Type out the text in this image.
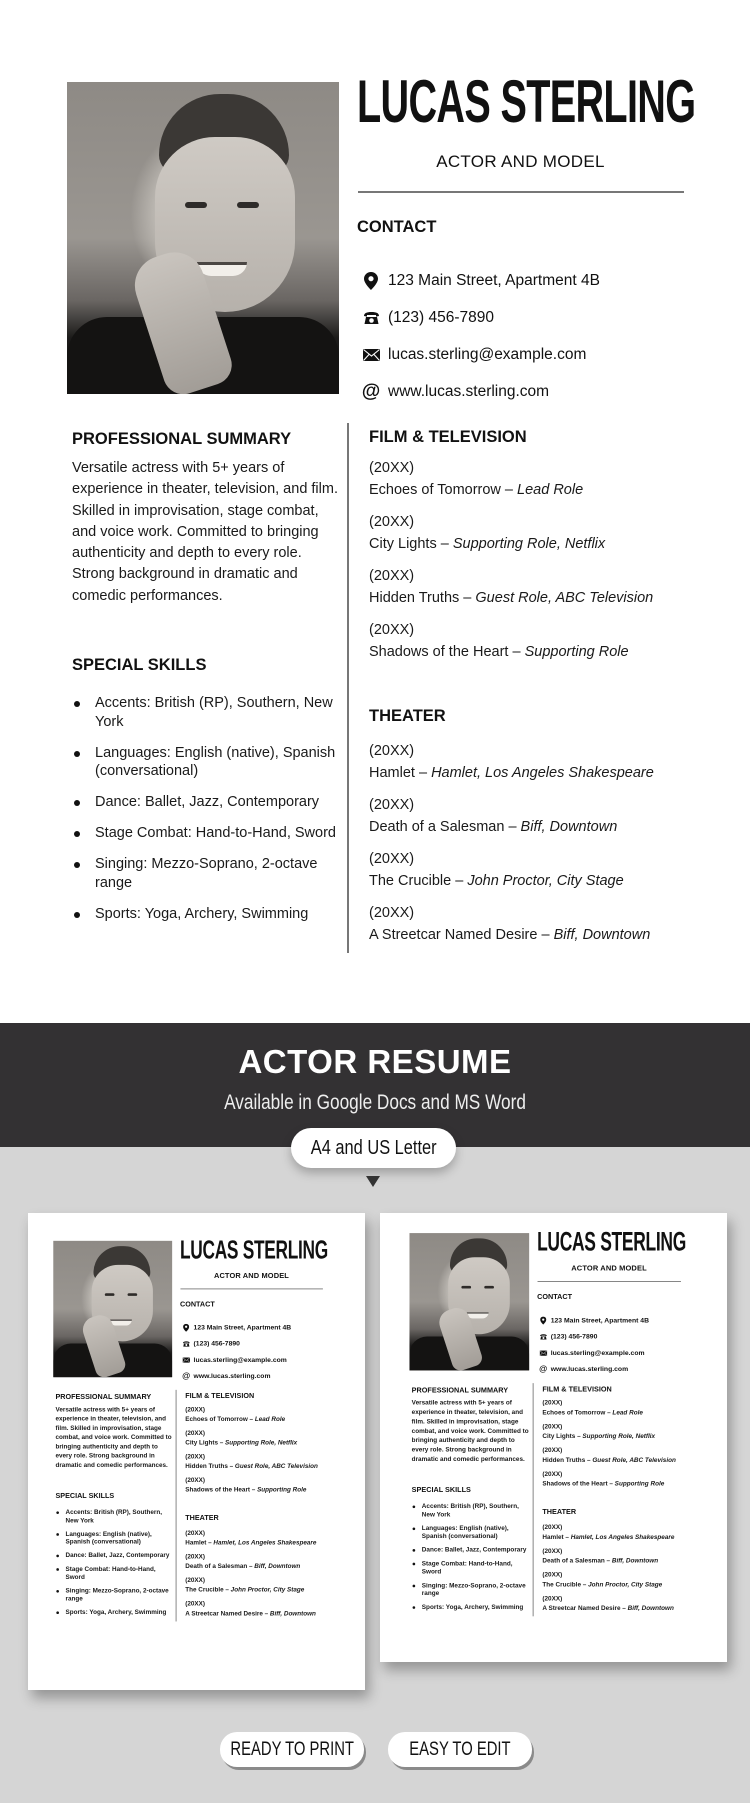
LUCAS STERLING
ACTOR AND MODEL
CONTACT
123 Main Street, Apartment 4B
(123) 456-7890
lucas.sterling@example.com
@ www.lucas.sterling.com
PROFESSIONAL SUMMARY
Versatile actress with 5+ years of experience in theater, television, and film. Skilled in improvisation, stage combat, and voice work. Committed to bringing authenticity and depth to every role. Strong background in dramatic and comedic performances.
SPECIAL SKILLS
Accents: British (RP), Southern, New York
Languages: English (native), Spanish (conversational)
Dance: Ballet, Jazz, Contemporary
Stage Combat: Hand-to-Hand, Sword
Singing: Mezzo-Soprano, 2-octave range
Sports: Yoga, Archery, Swimming
FILM & TELEVISION
(20XX)
Echoes of Tomorrow – Lead Role
(20XX)
City Lights – Supporting Role, Netflix
(20XX)
Hidden Truths – Guest Role, ABC Television
(20XX)
Shadows of the Heart – Supporting Role
THEATER
(20XX)
Hamlet – Hamlet, Los Angeles Shakespeare
(20XX)
Death of a Salesman – Biff, Downtown
(20XX)
The Crucible – John Proctor, City Stage
(20XX)
A Streetcar Named Desire – Biff, Downtown
ACTOR RESUME
Available in Google Docs and MS Word
A4 and US Letter
LUCAS STERLING
ACTOR AND MODEL
CONTACT
123 Main Street, Apartment 4B
(123) 456-7890
lucas.sterling@example.com
@ www.lucas.sterling.com
PROFESSIONAL SUMMARY
Versatile actress with 5+ years of experience in theater, television, and film. Skilled in improvisation, stage combat, and voice work. Committed to bringing authenticity and depth to every role. Strong background in dramatic and comedic performances.
SPECIAL SKILLS
Accents: British (RP), Southern, New York
Languages: English (native), Spanish (conversational)
Dance: Ballet, Jazz, Contemporary
Stage Combat: Hand-to-Hand, Sword
Singing: Mezzo-Soprano, 2-octave range
Sports: Yoga, Archery, Swimming
FILM & TELEVISION
(20XX)
Echoes of Tomorrow – Lead Role
(20XX)
City Lights – Supporting Role, Netflix
(20XX)
Hidden Truths – Guest Role, ABC Television
(20XX)
Shadows of the Heart – Supporting Role
THEATER
(20XX)
Hamlet – Hamlet, Los Angeles Shakespeare
(20XX)
Death of a Salesman – Biff, Downtown
(20XX)
The Crucible – John Proctor, City Stage
(20XX)
A Streetcar Named Desire – Biff, Downtown
LUCAS STERLING
ACTOR AND MODEL
CONTACT
123 Main Street, Apartment 4B
(123) 456-7890
lucas.sterling@example.com
@ www.lucas.sterling.com
PROFESSIONAL SUMMARY
Versatile actress with 5+ years of experience in theater, television, and film. Skilled in improvisation, stage combat, and voice work. Committed to bringing authenticity and depth to every role. Strong background in dramatic and comedic performances.
SPECIAL SKILLS
Accents: British (RP), Southern, New York
Languages: English (native), Spanish (conversational)
Dance: Ballet, Jazz, Contemporary
Stage Combat: Hand-to-Hand, Sword
Singing: Mezzo-Soprano, 2-octave range
Sports: Yoga, Archery, Swimming
FILM & TELEVISION
(20XX)
Echoes of Tomorrow – Lead Role
(20XX)
City Lights – Supporting Role, Netflix
(20XX)
Hidden Truths – Guest Role, ABC Television
(20XX)
Shadows of the Heart – Supporting Role
THEATER
(20XX)
Hamlet – Hamlet, Los Angeles Shakespeare
(20XX)
Death of a Salesman – Biff, Downtown
(20XX)
The Crucible – John Proctor, City Stage
(20XX)
A Streetcar Named Desire – Biff, Downtown
READY TO PRINT	EASY TO EDIT
